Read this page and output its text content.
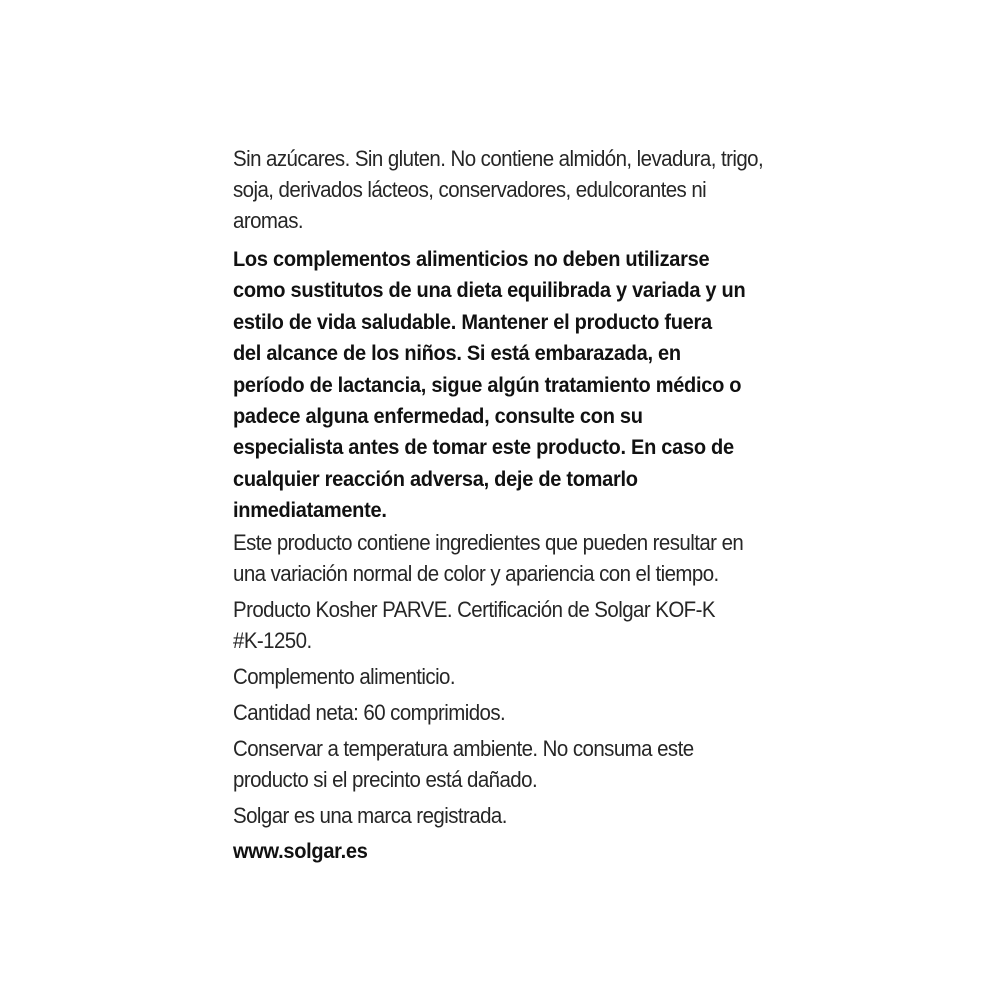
Sin azúcares. Sin gluten. No contiene almidón, levadura, trigo,
soja, derivados lácteos, conservadores, edulcorantes ni
aromas.

Los complementos alimenticios no deben utilizarse
como sustitutos de una dieta equilibrada y variada y un
estilo de vida saludable. Mantener el producto fuera
del alcance de los niños. Si está embarazada, en
período de lactancia, sigue algún tratamiento médico o
padece alguna enfermedad, consulte con su
especialista antes de tomar este producto. En caso de
cualquier reacción adversa, deje de tomarlo
inmediatamente.

Este producto contiene ingredientes que pueden resultar en
una variación normal de color y apariencia con el tiempo.

Producto Kosher PARVE. Certificación de Solgar KOF-K
#K-1250.

Complemento alimenticio.

Cantidad neta: 60 comprimidos.

Conservar a temperatura ambiente. No consuma este
producto si el precinto está dañado.

Solgar es una marca registrada.

www.solgar.es
